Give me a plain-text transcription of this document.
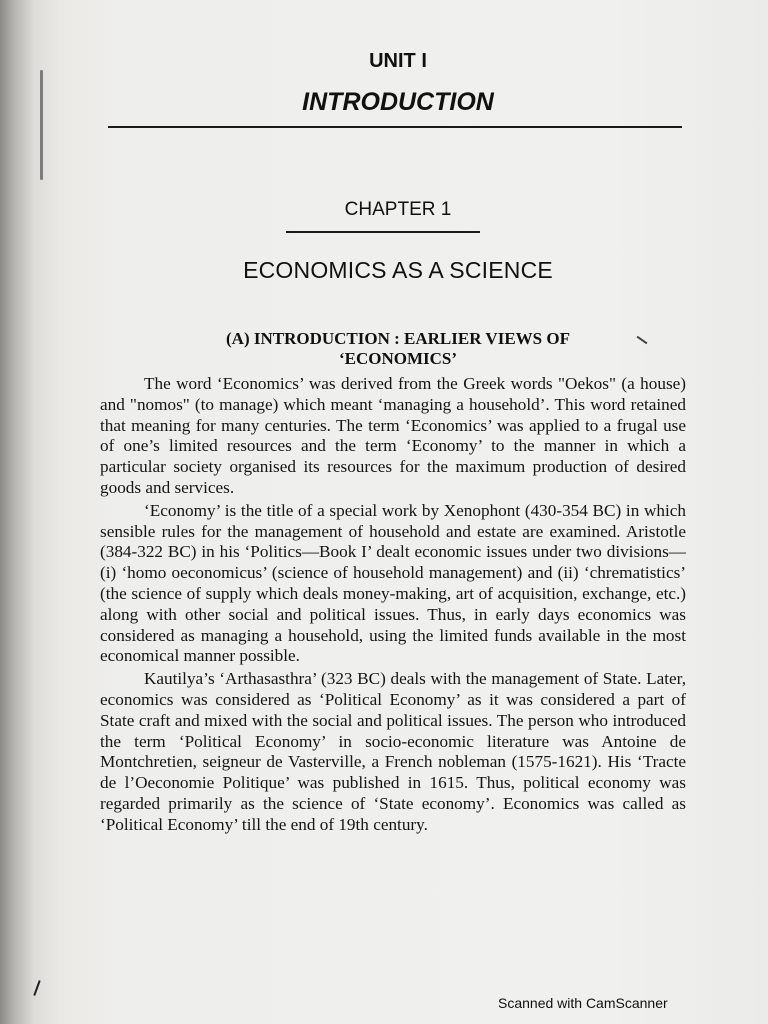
UNIT I
INTRODUCTION
CHAPTER 1
ECONOMICS AS A SCIENCE
(A) INTRODUCTION : EARLIER VIEWS OF
‘ECONOMICS’

The word ‘Economics’ was derived from the Greek words "Oekos" (a house) and "nomos" (to manage) which meant ‘managing a household’. This word retained that meaning for many centuries. The term ‘Economics’ was applied to a frugal use of one’s limited resources and the term ‘Economy’ to the manner in which a particular society organised its resources for the maximum production of desired goods and services.

‘Economy’ is the title of a special work by Xenophont (430-354 BC) in which sensible rules for the management of household and estate are examined. Aristotle (384-322 BC) in his ‘Politics—Book I’ dealt economic issues under two divisions—(i) ‘homo oeconomicus’ (science of household management) and (ii) ‘chrematistics’ (the science of supply which deals money-making, art of acquisition, exchange, etc.) along with other social and political issues. Thus, in early days economics was considered as managing a household, using the limited funds available in the most economical manner possible.

Kautilya’s ‘Arthasasthra’ (323 BC) deals with the management of State. Later, economics was considered as ‘Political Economy’ as it was considered a part of State craft and mixed with the social and political issues. The person who introduced the term ‘Political Economy’ in socio-economic literature was Antoine de Montchretien, seigneur de Vasterville, a French nobleman (1575-1621). His ‘Tracte de l’Oeconomie Politique’ was published in 1615. Thus, political economy was regarded primarily as the science of ‘State economy’. Economics was called as ‘Political Economy’ till the end of 19th century.

Scanned with CamScanner
